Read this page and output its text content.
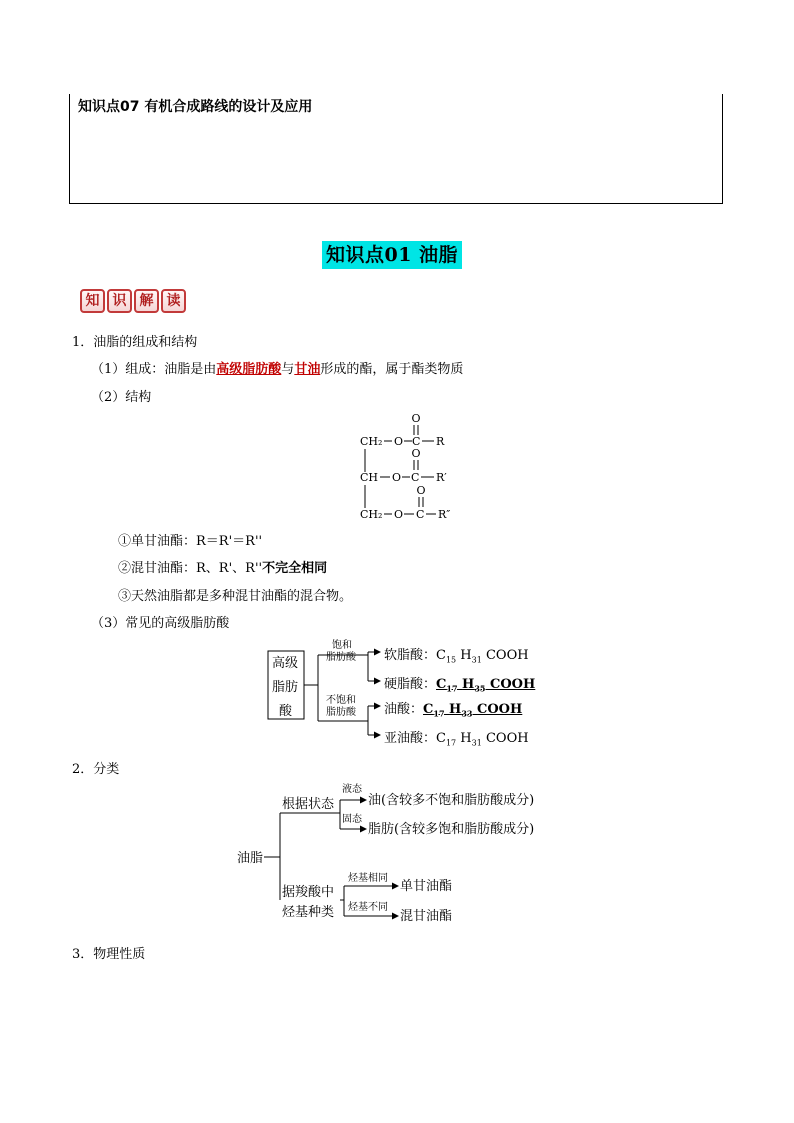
知识点07 有机合成路线的设计及应用
知识点01 油脂
知 识 解 读
1．油脂的组成和结构
（1）组成：油脂是由高级脂肪酸与甘油形成的酯，属于酯类物质
（2）结构
O
CH₂ O C R
O
CH O C R′
O
CH₂ O C R″
①单甘油酯：R＝R'＝R''
②混甘油酯：R、R'、R''不完全相同
③天然油脂都是多种混甘油酯的混合物。
（3）常见的高级脂肪酸
高级
脂肪
酸
饱和
脂肪酸
不饱和
脂肪酸
软脂酸：$C_{15}$ $H_{31}$ COOH
硬脂酸：$C_{17}$ $H_{35}$ COOH
油酸：$C_{17}$ $H_{33}$ COOH
亚油酸：$C_{17}$ $H_{31}$ COOH
2．分类
油脂
根据状态
据羧酸中
烃基种类
油(含较多不饱和脂肪酸成分)
脂肪(含较多饱和脂肪酸成分)
单甘油酯
混甘油酯
液态
固态
烃基相同
烃基不同
3．物理性质
